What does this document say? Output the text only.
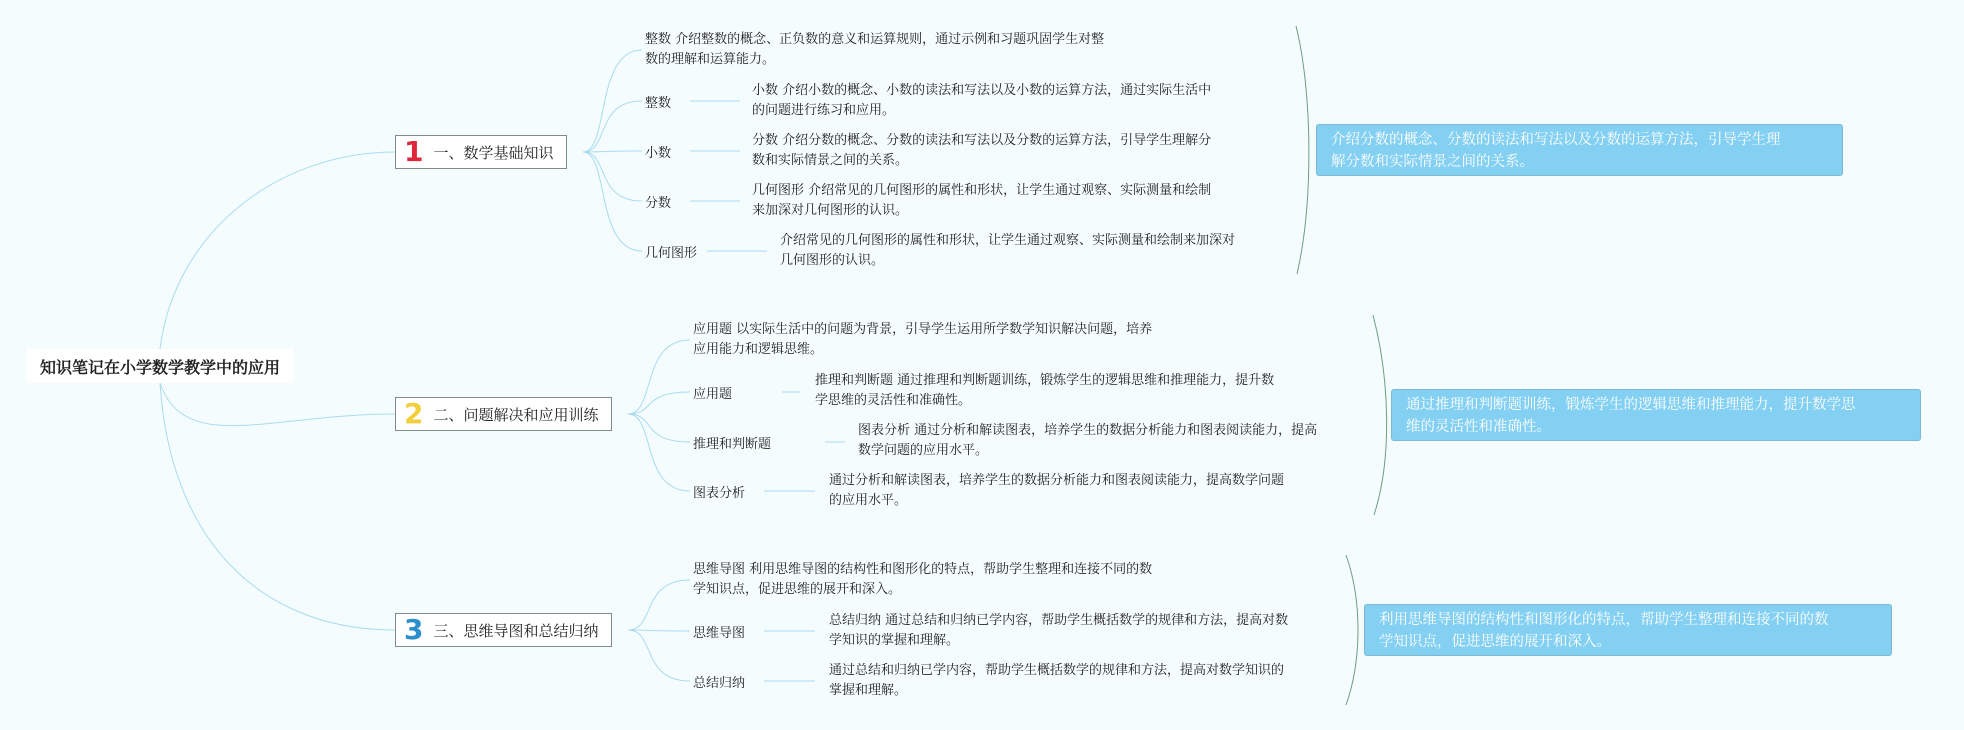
知识笔记在小学数学教学中的应用
1 一、数学基础知识
整数 介绍整数的概念、正负数的意义和运算规则，通过示例和习题巩固学生对整
数的理解和运算能力。
整数
小数
分数
几何图形
小数 介绍小数的概念、小数的读法和写法以及小数的运算方法，通过实际生活中
的问题进行练习和应用。
分数 介绍分数的概念、分数的读法和写法以及分数的运算方法，引导学生理解分
数和实际情景之间的关系。
几何图形 介绍常见的几何图形的属性和形状，让学生通过观察、实际测量和绘制
来加深对几何图形的认识。
介绍常见的几何图形的属性和形状，让学生通过观察、实际测量和绘制来加深对
几何图形的认识。
介绍分数的概念、分数的读法和写法以及分数的运算方法，引导学生理
解分数和实际情景之间的关系。
2 二、问题解决和应用训练
应用题 以实际生活中的问题为背景，引导学生运用所学数学知识解决问题，培养
应用能力和逻辑思维。
应用题
推理和判断题
图表分析
推理和判断题 通过推理和判断题训练，锻炼学生的逻辑思维和推理能力，提升数
学思维的灵活性和准确性。
图表分析 通过分析和解读图表，培养学生的数据分析能力和图表阅读能力，提高
数学问题的应用水平。
通过分析和解读图表，培养学生的数据分析能力和图表阅读能力，提高数学问题
的应用水平。
通过推理和判断题训练，锻炼学生的逻辑思维和推理能力，提升数学思
维的灵活性和准确性。
3 三、思维导图和总结归纳
思维导图 利用思维导图的结构性和图形化的特点，帮助学生整理和连接不同的数
学知识点，促进思维的展开和深入。
思维导图
总结归纳
总结归纳 通过总结和归纳已学内容，帮助学生概括数学的规律和方法，提高对数
学知识的掌握和理解。
通过总结和归纳已学内容，帮助学生概括数学的规律和方法，提高对数学知识的
掌握和理解。
利用思维导图的结构性和图形化的特点，帮助学生整理和连接不同的数
学知识点，促进思维的展开和深入。
